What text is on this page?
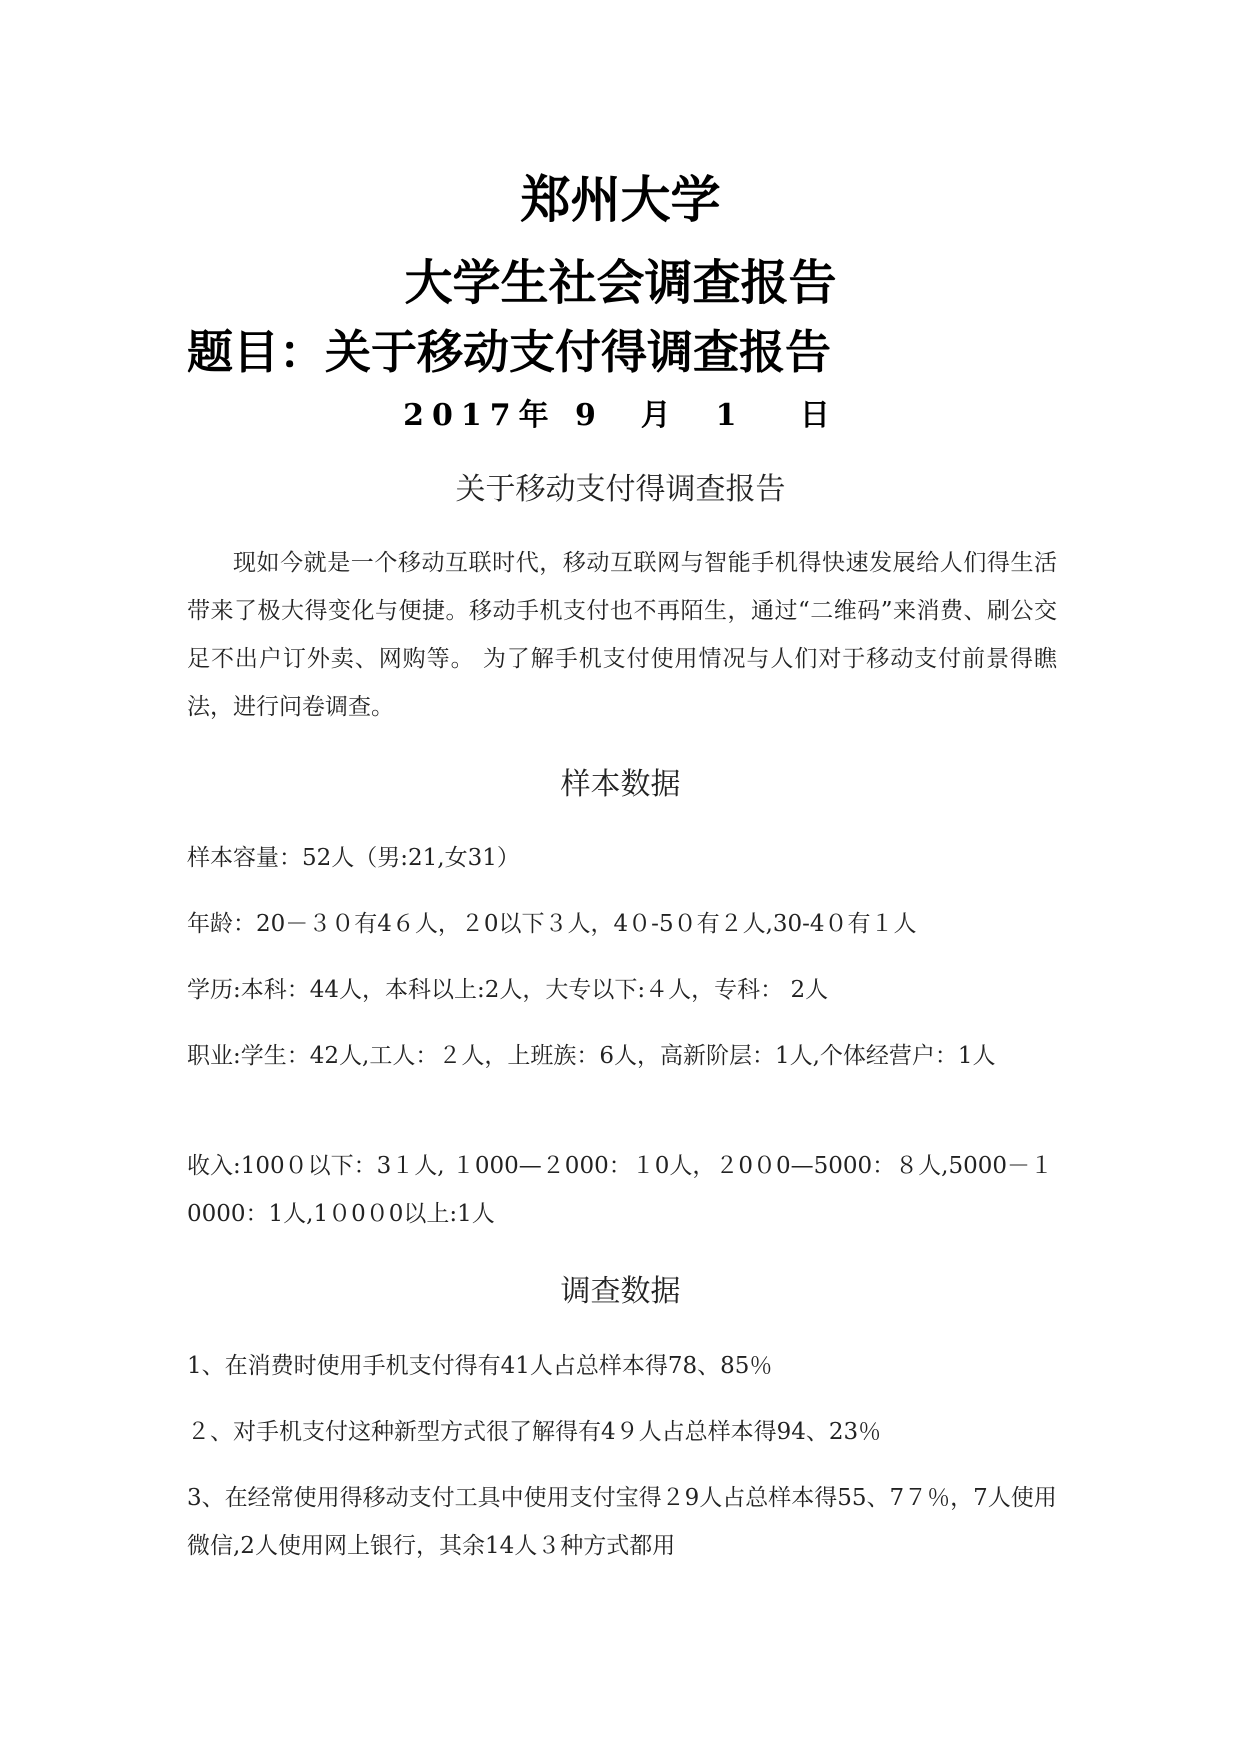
郑州大学
大学生社会调查报告
题目：关于移动支付得调查报告
2017年 9  月  1   日
关于移动支付得调查报告
现如今就是一个移动互联时代，移动互联网与智能手机得快速发展给人们得生活带来了极大得变化与便捷。移动手机支付也不再陌生，通过“二维码”来消费、刷公交足不出户订外卖、网购等。 为了解手机支付使用情况与人们对于移动支付前景得瞧法，进行问卷调查。
样本数据
样本容量：52人（男:21,女31）
年龄：20－３０有4６人，２0以下３人，4０-5０有２人,30-4０有１人
学历:本科：44人，本科以上:2人，大专以下:４人，专科： 2人
职业:学生：42人,工人：２人，上班族：6人，高新阶层：1人,个体经营户：1人
收入:100０以下：3１人, １000—２000：１0人，２0０0—5000：８人,5000－１0000：1人,1０0０0以上:1人
调查数据
1、在消费时使用手机支付得有41人占总样本得78、85％
２、对手机支付这种新型方式很了解得有4９人占总样本得94、23％
3、在经常使用得移动支付工具中使用支付宝得２9人占总样本得55、7７％，7人使用微信,2人使用网上银行，其余14人３种方式都用
